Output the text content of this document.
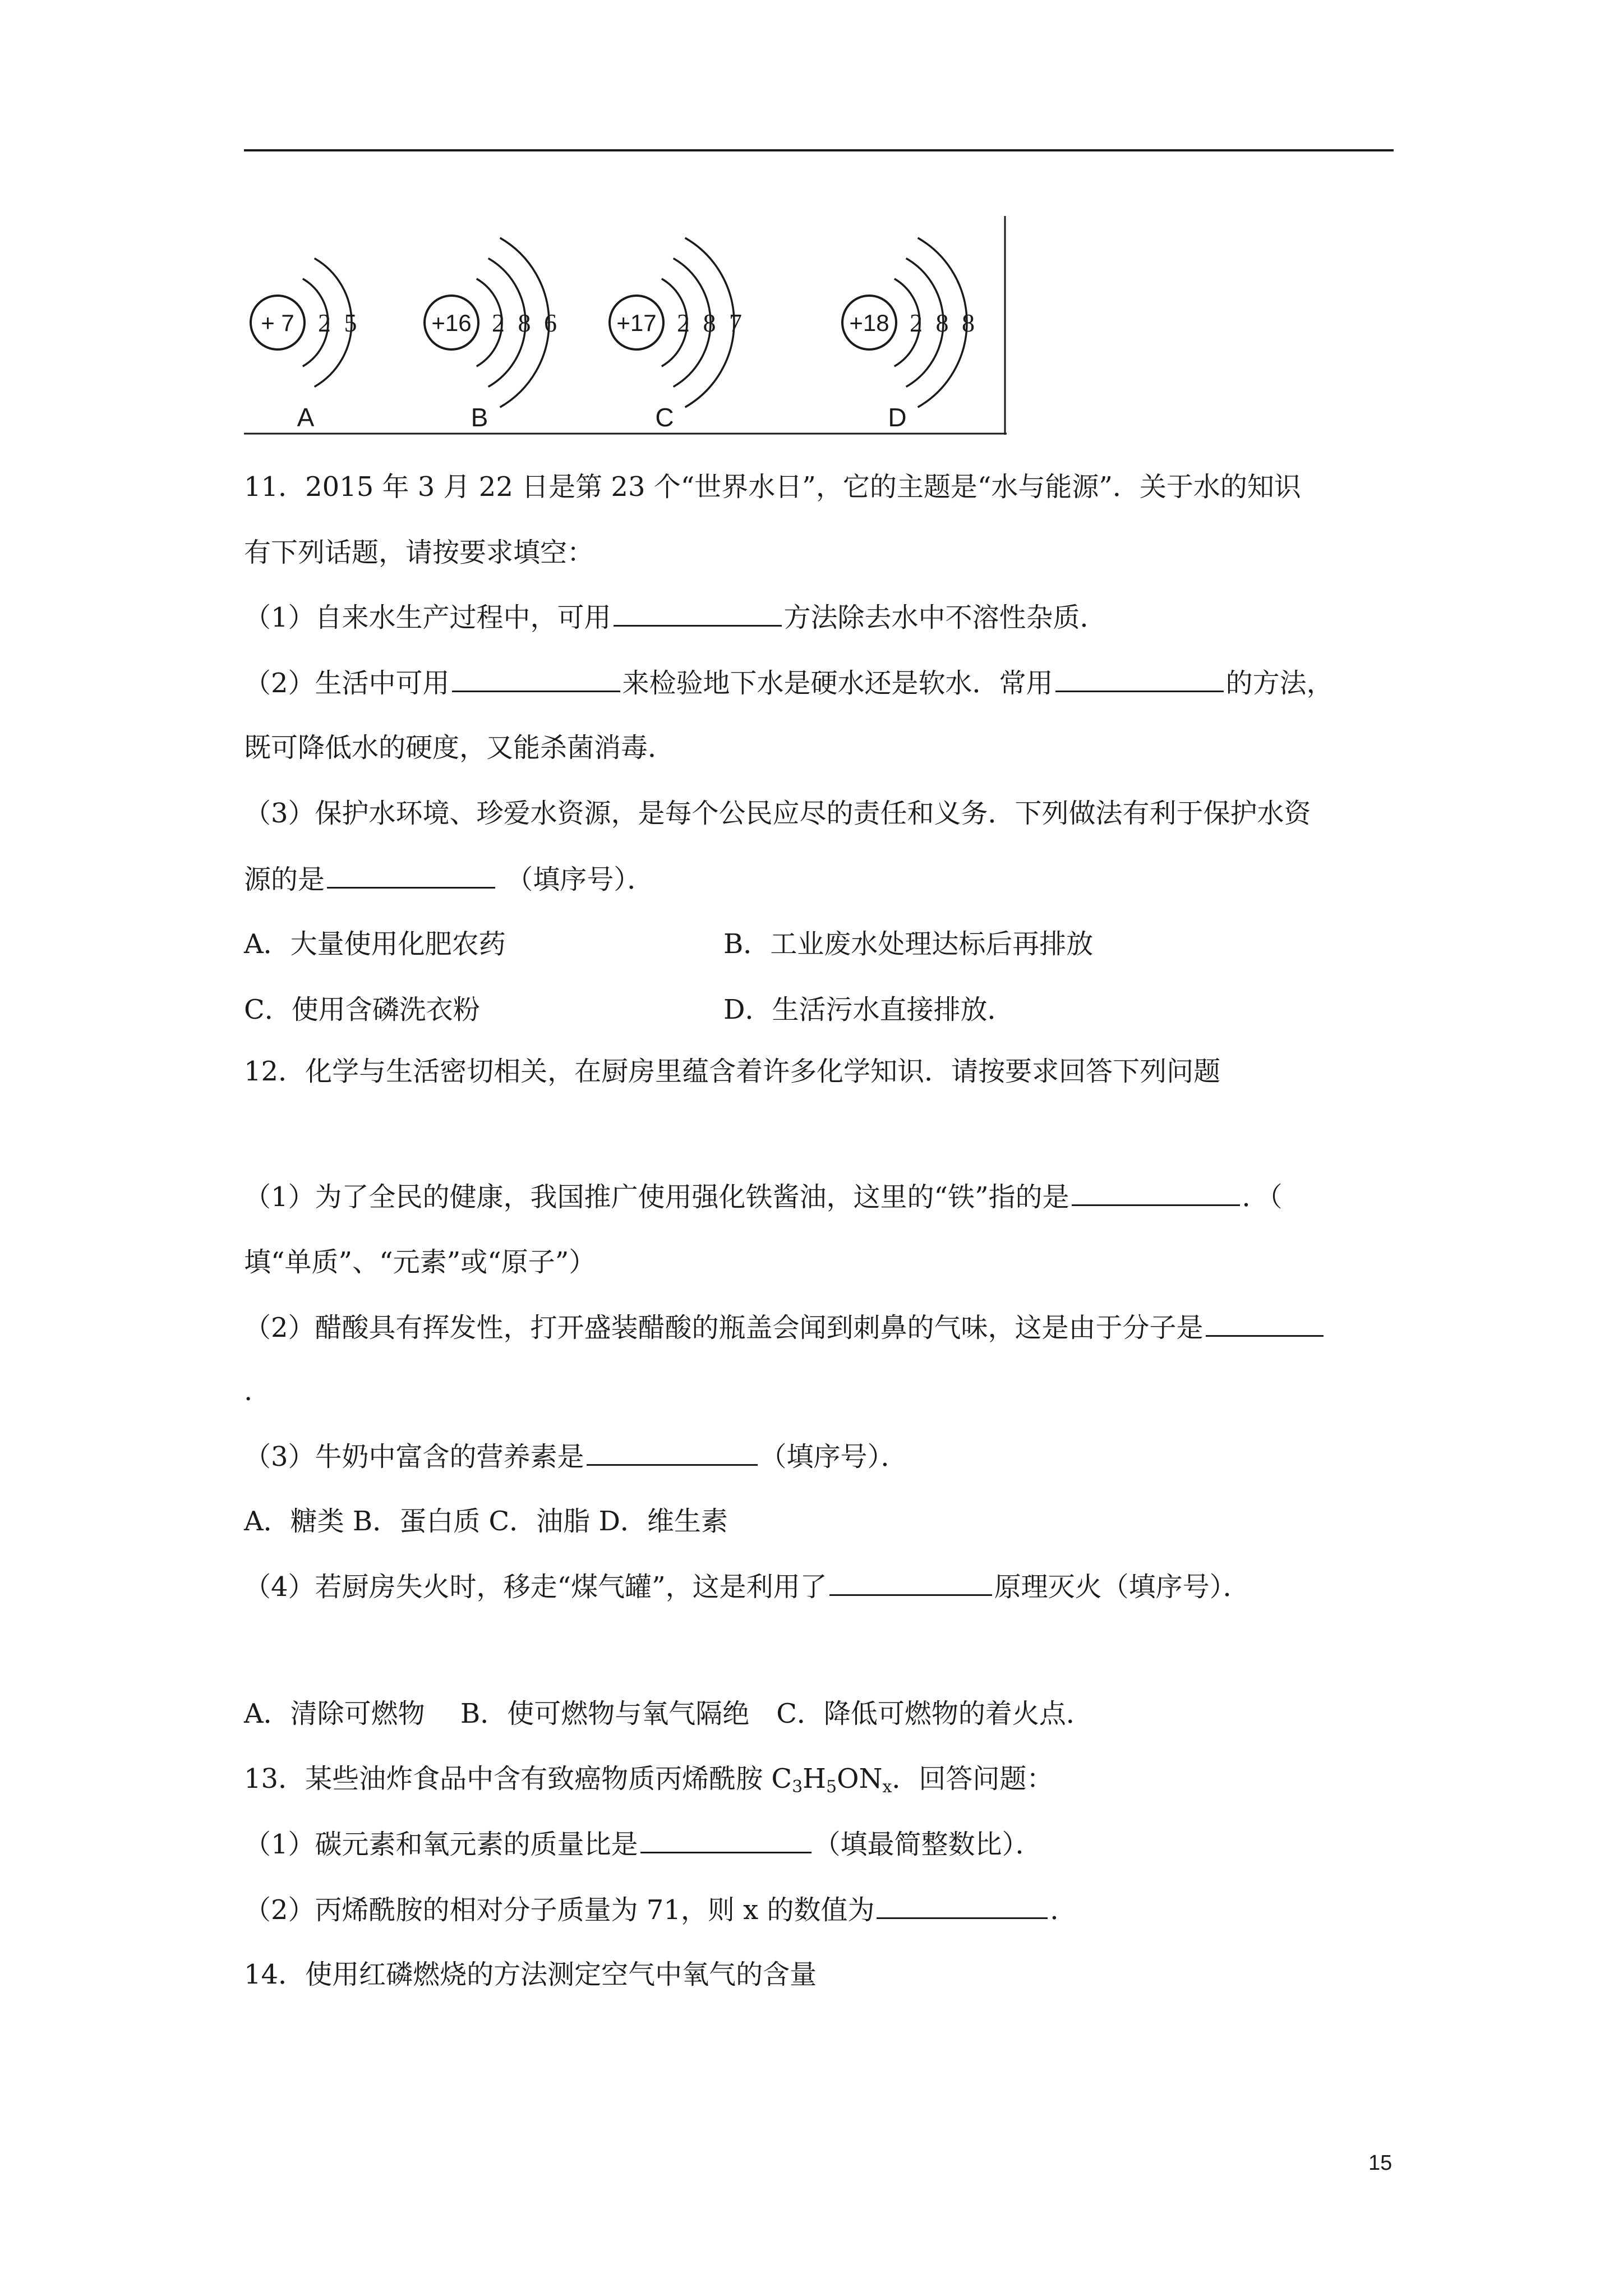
+ 7 2 5
A
+16 2 8 6
B
+17 2 8 7
C
+18 2 8 8
D
11．2015 年 3 月 22 日是第 23 个“世界水日”，它的主题是“水与能源”．关于水的知识
有下列话题，请按要求填空：
（1）自来水生产过程中，可用	方法除去水中不溶性杂质．
（2）生活中可用	来检验地下水是硬水还是软水．常用	的方法，
既可降低水的硬度，又能杀菌消毒．
（3）保护水环境、珍爱水资源，是每个公民应尽的责任和义务．下列做法有利于保护水资
源的是	（填序号）．
A．大量使用化肥农药	B．工业废水处理达标后再排放
C．使用含磷洗衣粉	D．生活污水直接排放．
12．化学与生活密切相关，在厨房里蕴含着许多化学知识．请按要求回答下列问题
（1）为了全民的健康，我国推广使用强化铁酱油，这里的“铁”指的是	．（
填“单质”、“元素”或“原子”）
（2）醋酸具有挥发性，打开盛装醋酸的瓶盖会闻到刺鼻的气味，这是由于分子是
.
（3）牛奶中富含的营养素是	（填序号）．
A．糖类 B．蛋白质 C．油脂 D．维生素
（4）若厨房失火时，移走“煤气罐”，这是利用了	原理灭火（填序号）．
A．清除可燃物　 B．使可燃物与氧气隔绝　C．降低可燃物的着火点．
13．某些油炸食品中含有致癌物质丙烯酰胺 $C_3H_5ON_x$．回答问题：
（1）碳元素和氧元素的质量比是	（填最简整数比）．
（2）丙烯酰胺的相对分子质量为 71，则 x 的数值为	．
14．使用红磷燃烧的方法测定空气中氧气的含量
15
